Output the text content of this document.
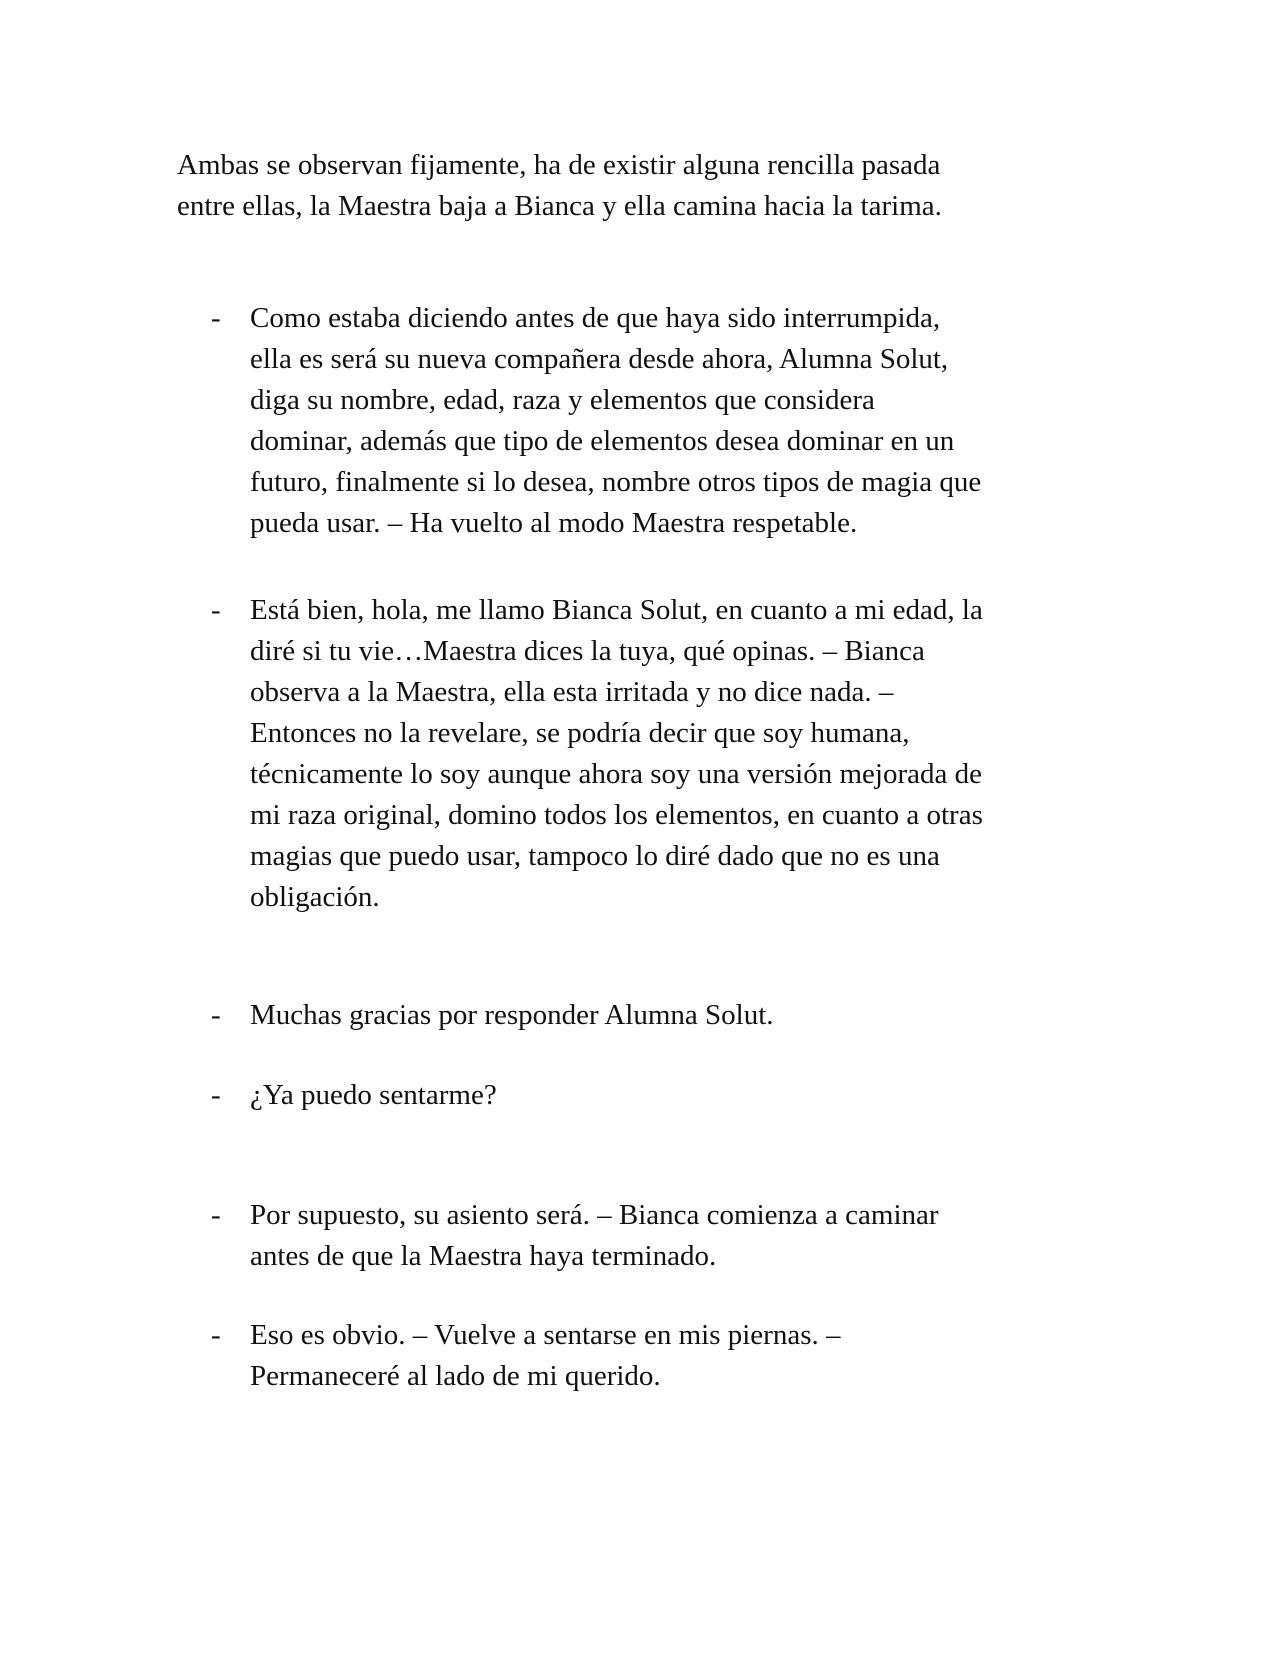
Ambas se observan fijamente, ha de existir alguna rencilla pasada
entre ellas, la Maestra baja a Bianca y ella camina hacia la tarima.

- Como estaba diciendo antes de que haya sido interrumpida,
ella es será su nueva compañera desde ahora, Alumna Solut,
diga su nombre, edad, raza y elementos que considera
dominar, además que tipo de elementos desea dominar en un
futuro, finalmente si lo desea, nombre otros tipos de magia que
pueda usar. – Ha vuelto al modo Maestra respetable.

- Está bien, hola, me llamo Bianca Solut, en cuanto a mi edad, la
diré si tu vie…Maestra dices la tuya, qué opinas. – Bianca
observa a la Maestra, ella esta irritada y no dice nada. –
Entonces no la revelare, se podría decir que soy humana,
técnicamente lo soy aunque ahora soy una versión mejorada de
mi raza original, domino todos los elementos, en cuanto a otras
magias que puedo usar, tampoco lo diré dado que no es una
obligación.

- Muchas gracias por responder Alumna Solut.

- ¿Ya puedo sentarme?

- Por supuesto, su asiento será. – Bianca comienza a caminar
antes de que la Maestra haya terminado.

- Eso es obvio. – Vuelve a sentarse en mis piernas. –
Permaneceré al lado de mi querido.
